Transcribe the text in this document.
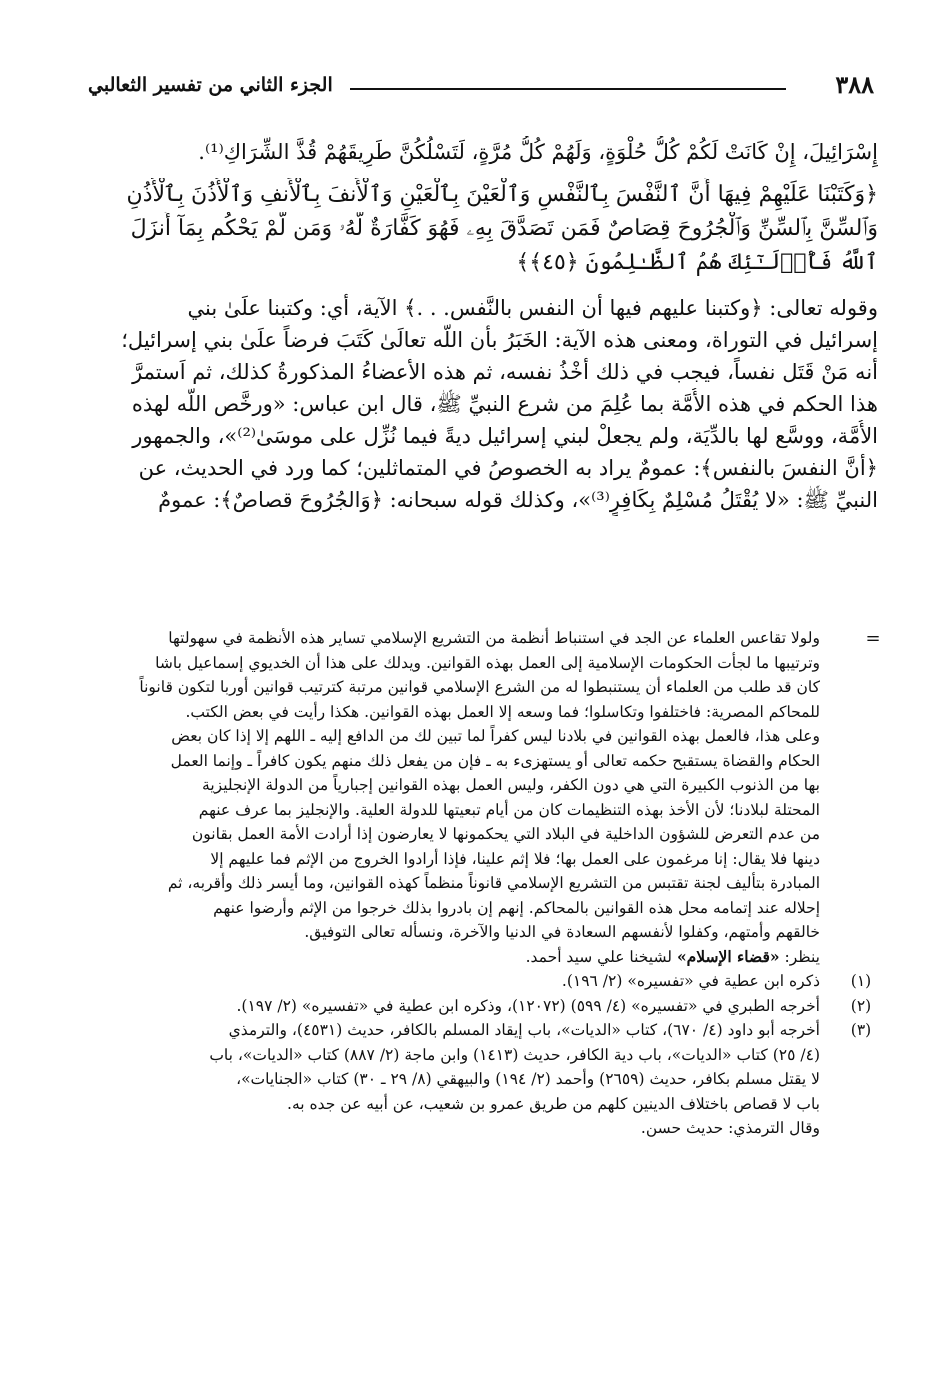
الجزء الثاني من تفسير الثعالبي	٣٨٨
إِسْرَائِيلَ، إِنْ كَانَتْ لَكُمْ كُلُّ حُلْوَةٍ، وَلَهُمْ كُلُّ مُرَّةٍ، لَتَسْلُكُنَّ طَرِيقَهُمْ قُذَّ الشِّرَاكِ⁽¹⁾.
﴿وَكَتَبْنَا عَلَيْهِمْ فِيهَا أَنَّ ٱلنَّفْسَ بِٱلنَّفْسِ وَٱلْعَيْنَ بِٱلْعَيْنِ وَٱلْأَنفَ بِٱلْأَنفِ وَٱلْأُذُنَ بِٱلْأُذُنِ
وَٱلسِّنَّ بِٱلسِّنِّ وَٱلْجُرُوحَ قِصَاصٌ فَمَن تَصَدَّقَ بِهِۦ فَهُوَ كَفَّارَةٌ لَّهُۥ وَمَن لَّمْ يَحْكُم بِمَآ أَنزَلَ
ٱللَّهُ فَأُو۟لَـٰٓئِكَ هُمُ ٱلظَّـٰلِمُونَ ﴿٤٥﴾﴾
وقوله تعالى: ﴿وكتبنا عليهم فيها أن النفس بالنَّفس. . .﴾ الآية، أي: وكتبنا علَىٰ بني
إسرائيل في التوراة، ومعنى هذه الآية: الخَبَرُ بأن اللَّه تعالَىٰ كَتَبَ فرضاً علَىٰ بني إسرائيل؛
أنه مَنْ قَتَل نفساً، فيجب في ذلك أخْذُ نفسه، ثم هذه الأعضاءُ المذكورةُ كذلك، ثم اَستمرَّ
هذا الحكم في هذه الأُمَّة بما عُلِمَ من شرع النبيِّ ﷺ، قال ابن عباس: «ورخَّص اللَّه لهذه
الأُمَّة، ووسَّع لها بالدِّيَة، ولم يجعلْ لبني إسرائيل ديةً فيما نُزِّل على موسَىٰ⁽²⁾»، والجمهور
﴿أنَّ النفسَ بالنفس﴾: عمومٌ يراد به الخصوصُ في المتماثلين؛ كما ورد في الحديث، عن
النبيِّ ﷺ: «لا يُقْتَلُ مُسْلِمٌ بِكَافِرٍ⁽³⁾»، وكذلك قوله سبحانه: ﴿وَالجُرُوحَ قصاصٌ﴾: عمومٌ
=
ولولا تقاعس العلماء عن الجد في استنباط أنظمة من التشريع الإسلامي تساير هذه الأنظمة في سهولتها
وترتيبها ما لجأت الحكومات الإسلامية إلى العمل بهذه القوانين. ويدلك على هذا أن الخديوي إسماعيل باشا
كان قد طلب من العلماء أن يستنبطوا له من الشرع الإسلامي قوانين مرتبة كترتيب قوانين أوربا لتكون قانوناً
للمحاكم المصرية: فاختلفوا وتكاسلوا؛ فما وسعه إلا العمل بهذه القوانين. هكذا رأيت في بعض الكتب.
وعلى هذا، فالعمل بهذه القوانين في بلادنا ليس كفراً لما تبين لك من الدافع إليه ـ اللهم إلا إذا كان بعض
الحكام والقضاة يستقبح حكمه تعالى أو يستهزىء به ـ فإن من يفعل ذلك منهم يكون كافراً ـ وإنما العمل
بها من الذنوب الكبيرة التي هي دون الكفر، وليس العمل بهذه القوانين إجبارياً من الدولة الإنجليزية
المحتلة لبلادنا؛ لأن الأخذ بهذه التنظيمات كان من أيام تبعيتها للدولة العلية. والإنجليز بما عرف عنهم
من عدم التعرض للشؤون الداخلية في البلاد التي يحكمونها لا يعارضون إذا أرادت الأمة العمل بقانون
دينها فلا يقال: إنا مرغمون على العمل بها؛ فلا إثم علينا، فإذا أرادوا الخروج من الإثم فما عليهم إلا
المبادرة بتأليف لجنة تقتبس من التشريع الإسلامي قانوناً منظماً كهذه القوانين، وما أيسر ذلك وأقربه، ثم
إحلاله عند إتمامه محل هذه القوانين بالمحاكم. إنهم إن بادروا بذلك خرجوا من الإثم وأرضوا عنهم
خالقهم وأمتهم، وكفلوا لأنفسهم السعادة في الدنيا والآخرة، ونسأله تعالى التوفيق.
ينظر: «قضاء الإسلام» لشيخنا علي سيد أحمد.
(١)
ذكره ابن عطية في «تفسيره» (٢/ ١٩٦).
(٢)
أخرجه الطبري في «تفسيره» (٤/ ٥٩٩) (١٢٠٧٢)، وذكره ابن عطية في «تفسيره» (٢/ ١٩٧).
(٣)
أخرجه أبو داود (٤/ ٦٧٠)، كتاب «الديات»، باب إيقاد المسلم بالكافر، حديث (٤٥٣١)، والترمذي
(٤/ ٢٥) كتاب «الديات»، باب دية الكافر، حديث (١٤١٣) وابن ماجة (٢/ ٨٨٧) كتاب «الديات»، باب
لا يقتل مسلم بكافر، حديث (٢٦٥٩) وأحمد (٢/ ١٩٤) والبيهقي (٨/ ٢٩ ـ ٣٠) كتاب «الجنايات»،
باب لا قصاص باختلاف الدينين كلهم من طريق عمرو بن شعيب، عن أبيه عن جده به.
وقال الترمذي: حديث حسن.
